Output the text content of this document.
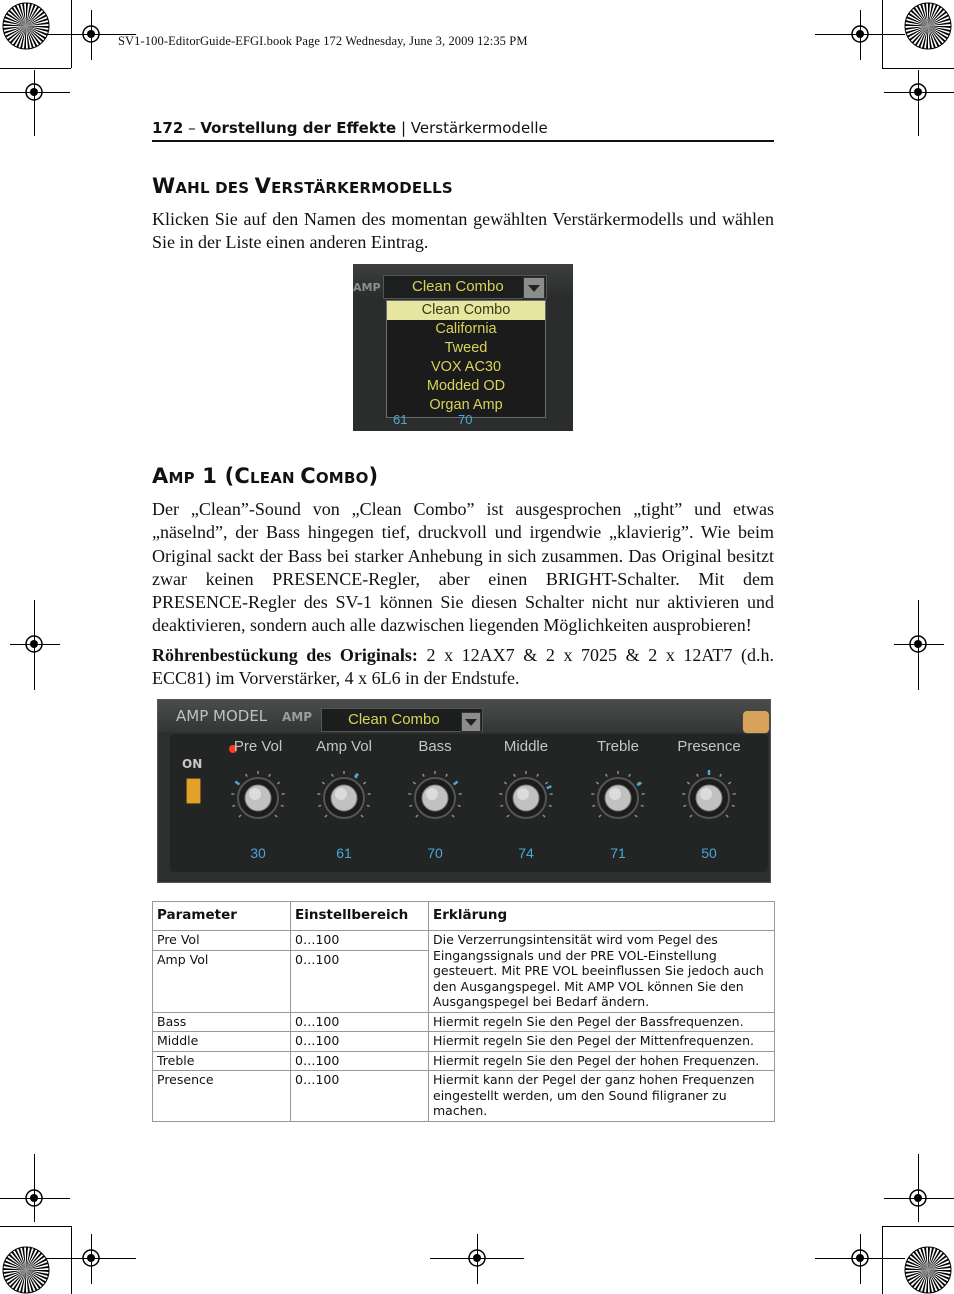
SV1-100-EditorGuide-EFGI.book Page 172 Wednesday, June 3, 2009 12:35 PM
172 – Vorstellung der Effekte | Verstärkermodelle
WAHL DES VERSTÄRKERMODELLS
Klicken Sie auf den Namen des momentan gewählten Verstärkermodells und wählen Sie in der Liste einen anderen Eintrag.
AMP Clean Combo
Clean Combo
California
Tweed
VOX AC30
Modded OD
Organ Amp
61              70
AMP 1 (CLEAN COMBO)
Der „Clean”-Sound von „Clean Combo” ist ausgesprochen „tight” und etwas „näselnd”, der Bass hingegen tief, druckvoll und irgendwie „klavierig”. Wie beim Original sackt der Bass bei starker Anhebung in sich zusammen. Das Original besitzt zwar keinen PRESENCE-Regler, aber einen BRIGHT-Schalter. Mit dem PRESENCE-Regler des SV-1 können Sie diesen Schalter nicht nur aktivieren und deaktivieren, sondern auch alle dazwischen liegenden Möglichkeiten ausprobieren!
Röhrenbestückung des Originals: 2 x 12AX7 & 2 x 7025 & 2 x 12AT7 (d.h. ECC81) im Vorverstärker, 4 x 6L6 in der Endstufe.
AMP MODEL AMP Clean Combo
ON
Pre Vol	Amp Vol	Bass	Middle	Treble	Presence
30	61	70	74	71	50
Parameter	Einstellbereich	Erklärung
Pre Vol	0…100	Die Verzerrungsintensität wird vom Pegel des Eingangssignals und der PRE VOL-Einstellung gesteuert. Mit PRE VOL beeinflussen Sie jedoch auch den Ausgangspegel. Mit AMP VOL können Sie den Ausgangspegel bei Bedarf ändern.
Amp Vol	0…100	
Bass	0…100	Hiermit regeln Sie den Pegel der Bassfrequenzen.
Middle	0…100	Hiermit regeln Sie den Pegel der Mittenfrequenzen.
Treble	0…100	Hiermit regeln Sie den Pegel der hohen Frequenzen.
Presence	0…100	Hiermit kann der Pegel der ganz hohen Frequenzen eingestellt werden, um den Sound filigraner zu machen.
